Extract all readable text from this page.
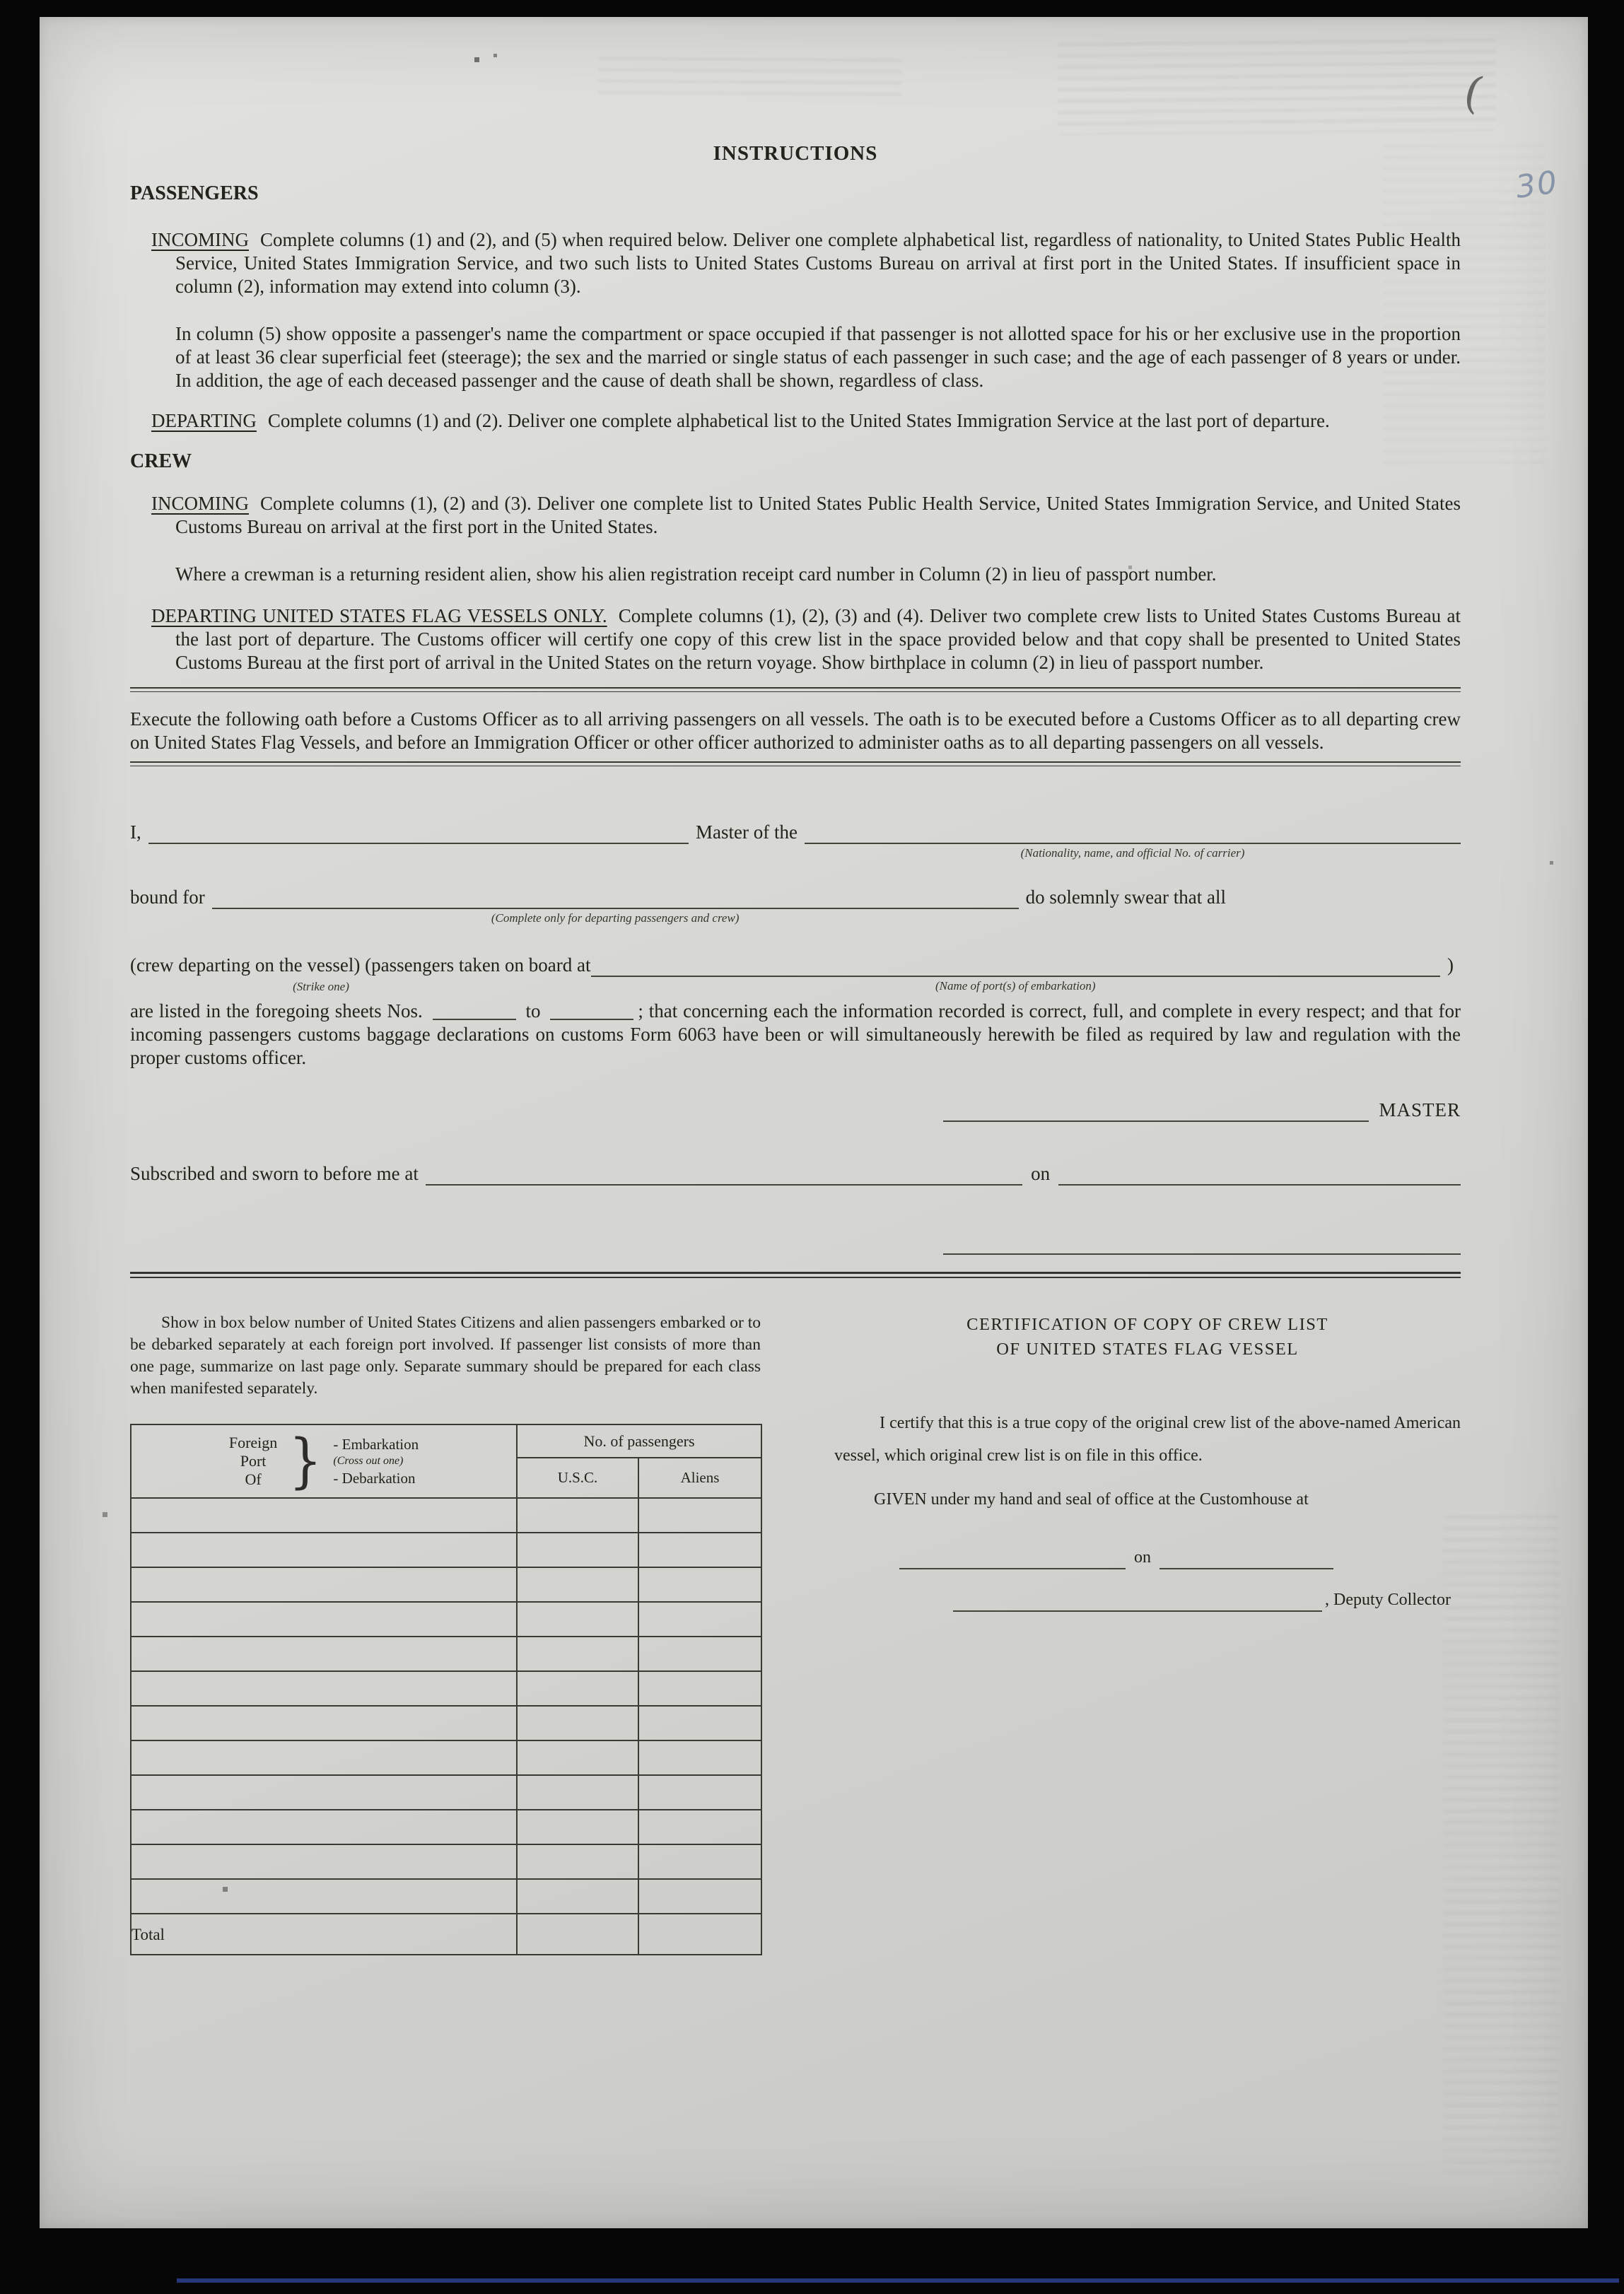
30
(
INSTRUCTIONS
PASSENGERS

INCOMING Complete columns (1) and (2), and (5) when required below. Deliver one complete alphabetical list, regardless of nationality, to United States Public Health Service, United States Immigration Service, and two such lists to United States Customs Bureau on arrival at first port in the United States. If insufficient space in column (2), information may extend into column (3).

In column (5) show opposite a passenger's name the compartment or space occupied if that passenger is not allotted space for his or her exclusive use in the proportion of at least 36 clear superficial feet (steerage); the sex and the married or single status of each passenger in such case; and the age of each passenger of 8 years or under. In addition, the age of each deceased passenger and the cause of death shall be shown, regardless of class.

DEPARTING Complete columns (1) and (2). Deliver one complete alphabetical list to the United States Immigration Service at the last port of departure.

CREW

INCOMING Complete columns (1), (2) and (3). Deliver one complete list to United States Public Health Service, United States Immigration Service, and United States Customs Bureau on arrival at the first port in the United States.

Where a crewman is a returning resident alien, show his alien registration receipt card number in Column (2) in lieu of passport number.

DEPARTING UNITED STATES FLAG VESSELS ONLY. Complete columns (1), (2), (3) and (4). Deliver two complete crew lists to United States Customs Bureau at the last port of departure. The Customs officer will certify one copy of this crew list in the space provided below and that copy shall be presented to United States Customs Bureau at the first port of arrival in the United States on the return voyage. Show birthplace in column (2) in lieu of passport number.

Execute the following oath before a Customs Officer as to all arriving passengers on all vessels. The oath is to be executed before a Customs Officer as to all departing crew on United States Flag Vessels, and before an Immigration Officer or other officer authorized to administer oaths as to all departing passengers on all vessels.

I,	Master of the
(Nationality, name, and official No. of carrier)
bound for
(Complete only for departing passengers and crew)
do solemnly swear that all
(crew departing on the vessel) (passengers taken on board at
(Strike one)	(Name of port(s) of embarkation)
)

are listed in the foregoing sheets Nos.	to	; that concerning each the information recorded is correct, full, and complete in every respect; and that for incoming passengers customs baggage declarations on customs Form 6063 have been or will simultaneously herewith be filed as required by law and regulation with the proper customs officer.

MASTER
Subscribed and sworn to before me at	on

Show in box below number of United States Citizens and alien passengers embarked or to be debarked separately at each foreign port involved. If passenger list consists of more than one page, summarize on last page only. Separate summary should be prepared for each class when manifested separately.

Foreign
Port
Of } - Embarkation
(Cross out one)
- Debarkation
	No. of passengers
	U.S.C.	Aliens

Total		
CERTIFICATION OF COPY OF CREW LIST
OF UNITED STATES FLAG VESSEL

I certify that this is a true copy of the original crew list of the above-named American vessel, which original crew list is on file in this office.

GIVEN under my hand and seal of office at the Customhouse at

on
, Deputy Collector
